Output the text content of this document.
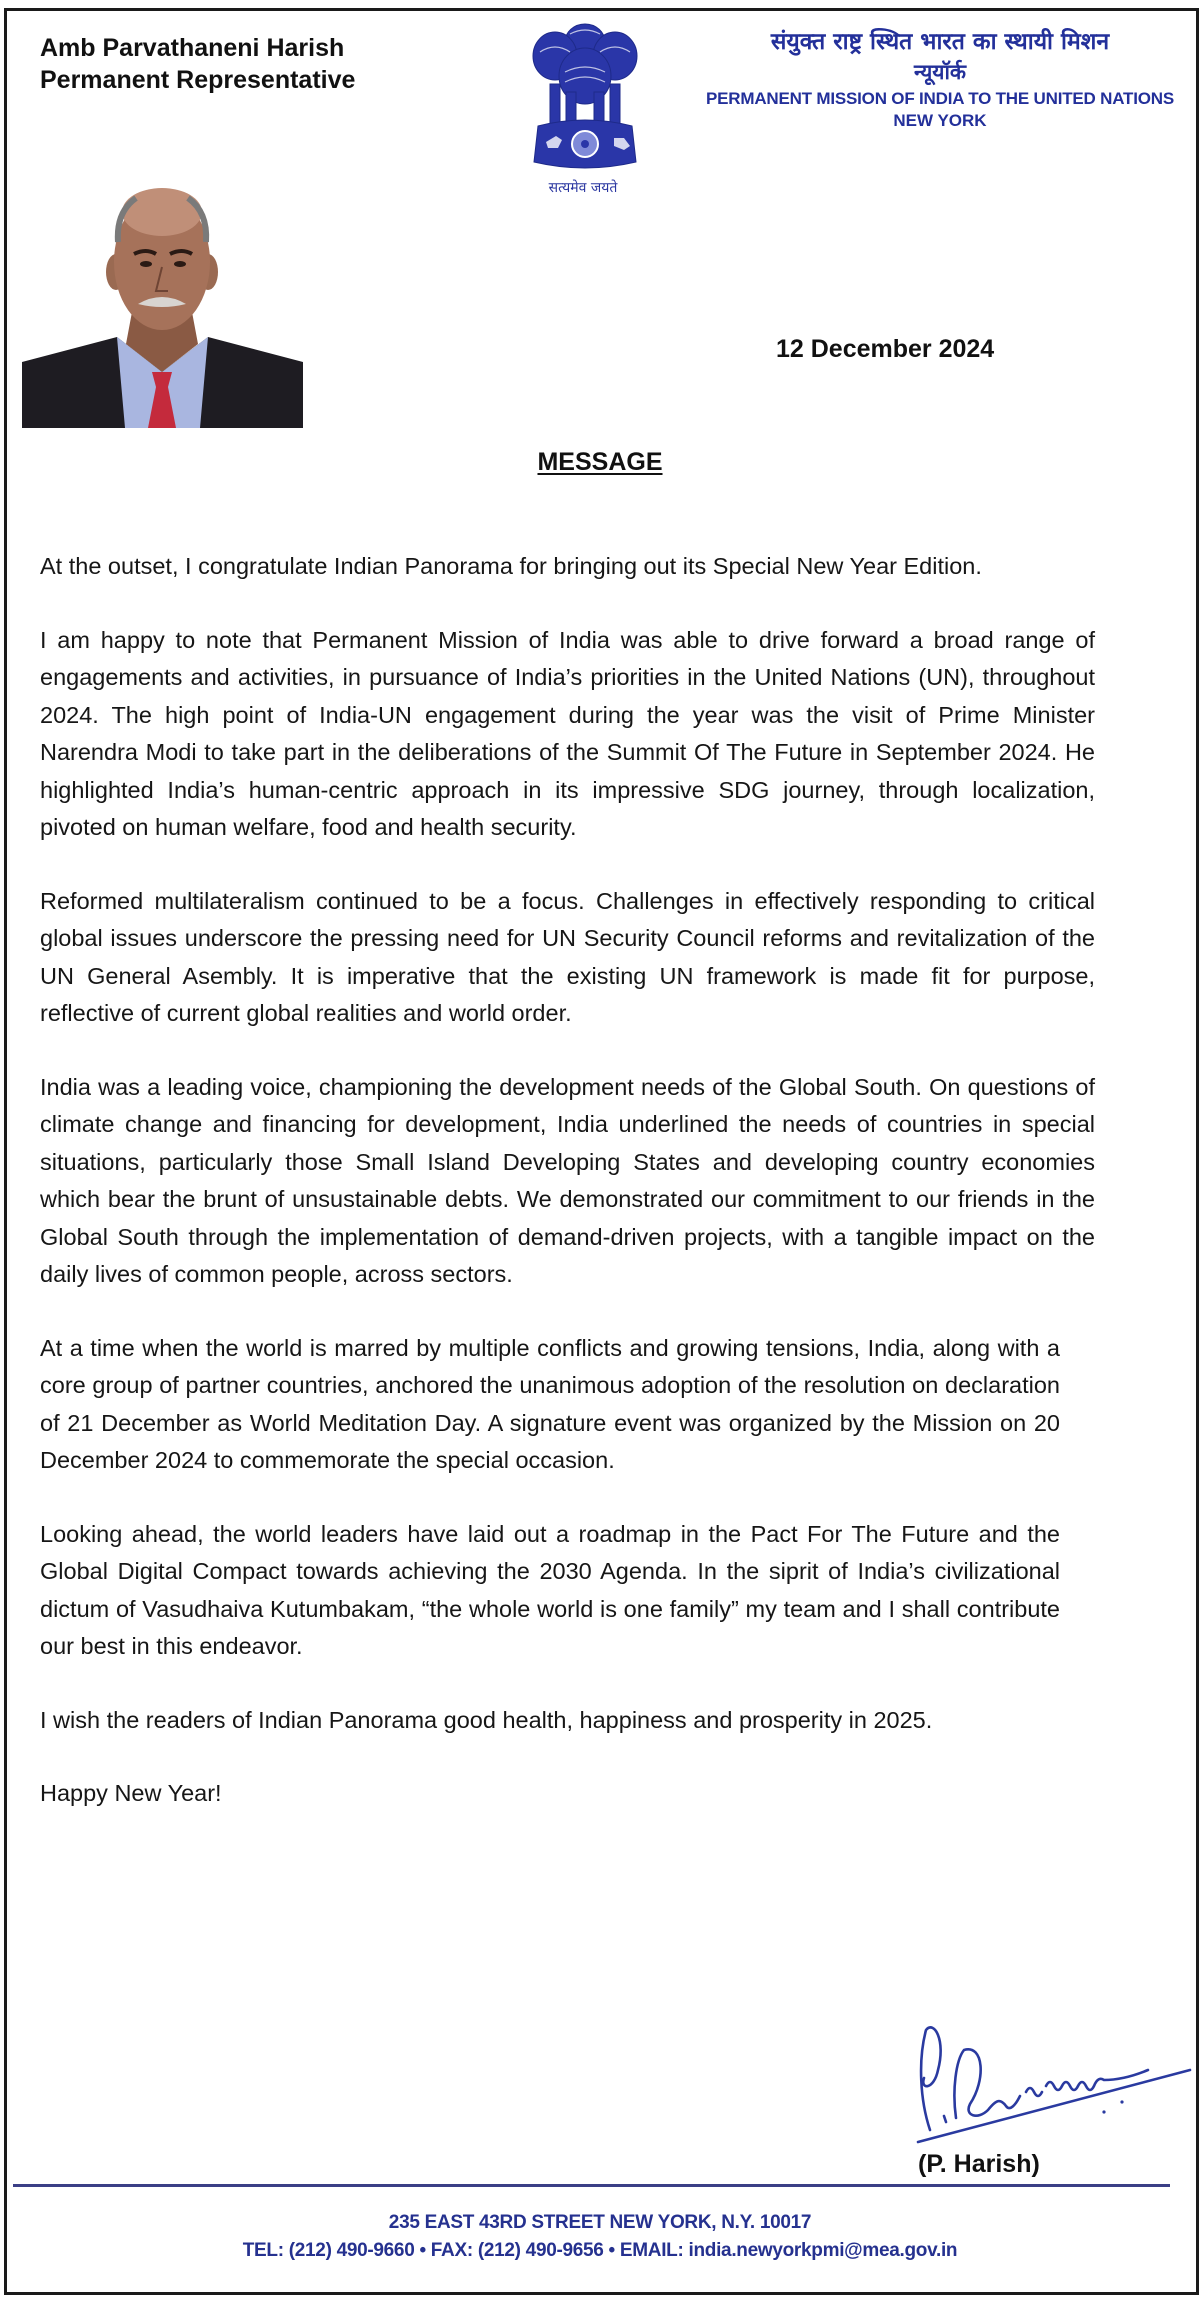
Amb Parvathaneni Harish
Permanent Representative
सत्यमेव जयते
संयुक्त राष्ट्र स्थित भारत का स्थायी मिशन
न्यूयॉर्क
PERMANENT MISSION OF INDIA TO THE UNITED NATIONS
NEW YORK
12 December 2024
MESSAGE

At the outset, I congratulate Indian Panorama for bringing out its Special New Year Edition.

I am happy to note that Permanent Mission of India was able to drive forward a broad range of engagements and activities, in pursuance of India’s priorities in the United Nations (UN), throughout 2024. The high point of India-UN engagement during the year was the visit of Prime Minister Narendra Modi to take part in the deliberations of the Summit Of The Future in September 2024. He highlighted India’s human-centric approach in its impressive SDG journey, through localization, pivoted on human welfare, food and health security.

Reformed multilateralism continued to be a focus. Challenges in effectively responding to critical global issues underscore the pressing need for UN Security Council reforms and revitalization of the UN General Asembly. It is imperative that the existing UN framework is made fit for purpose, reflective of current global realities and world order.

India was a leading voice, championing the development needs of the Global South. On questions of climate change and financing for development, India underlined the needs of countries in special situations, particularly those Small Island Developing States and developing country economies which bear the brunt of unsustainable debts. We demonstrated our commitment to our friends in the Global South through the implementation of demand-driven projects, with a tangible impact on the daily lives of common people, across sectors.

At a time when the world is marred by multiple conflicts and growing tensions, India, along with a core group of partner countries, anchored the unanimous adoption of the resolution on declaration of 21 December as World Meditation Day. A signature event was organized by the Mission on 20 December 2024 to commemorate the special occasion.

Looking ahead, the world leaders have laid out a roadmap in the Pact For The Future and the Global Digital Compact towards achieving the 2030 Agenda. In the siprit of India’s civilizational dictum of Vasudhaiva Kutumbakam, “the whole world is one family” my team and I shall contribute our best in this endeavor.

I wish the readers of Indian Panorama good health, happiness and prosperity in 2025.

Happy New Year!

(P. Harish)
235 EAST 43RD STREET NEW YORK, N.Y. 10017
TEL: (212) 490-9660 • FAX: (212) 490-9656 • EMAIL: india.newyorkpmi@mea.gov.in
